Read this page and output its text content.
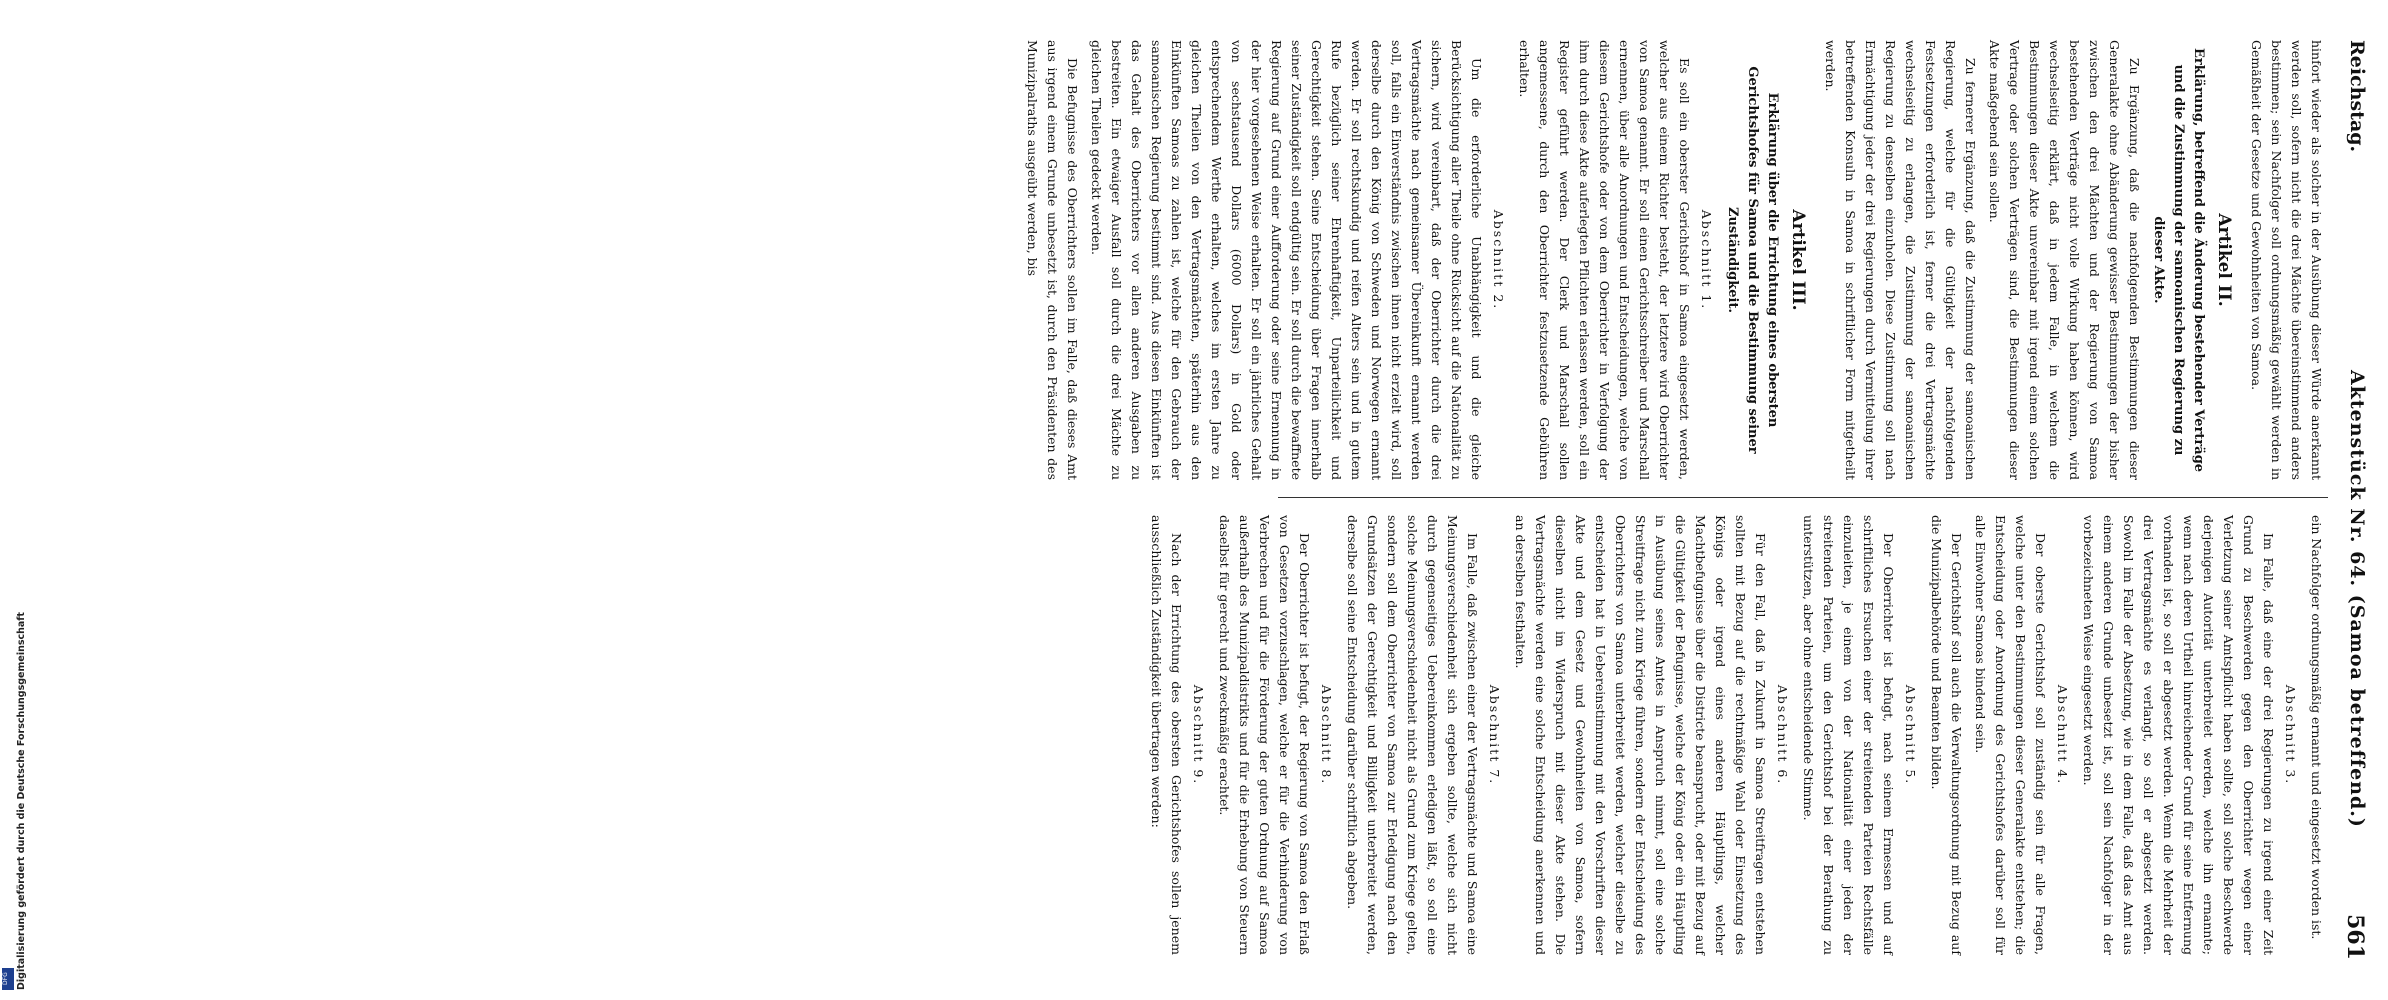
DFG Digitalisierung gefördert durch die Deutsche Forschungsgemeinschaft
Reichstag.
Aktenstück Nr. 64. (Samoa betreffend.)
561

hinfort wieder als solcher in der Ausübung dieser Würde anerkannt werden soll, sofern nicht die drei Mächte übereinstimmend anders bestimmen; sein Nachfolger soll ordnungsmäßig gewählt werden in Gemäßheit der Gesetze und Gewohnheiten von Samoa.

Artikel II.
Erklärung, betreffend die Änderung bestehender Verträge und die Zustimmung der samoanischen Regierung zu dieser Akte.

Zu Ergänzung, daß die nachfolgenden Bestimmungen dieser Generalakte ohne Abänderung gewisser Bestimmungen der bisher zwischen den drei Mächten und der Regierung von Samoa bestehenden Verträge nicht volle Wirkung haben können, wird wechselseitig erklärt, daß in jedem Falle, in welchem die Bestimmungen dieser Akte unvereinbar mit irgend einem solchen Vertrage oder solchen Verträgen sind, die Bestimmungen dieser Akte maßgebend sein sollen.

Zu fernerer Ergänzung, daß die Zustimmung der samoanischen Regierung, welche für die Gültigkeit der nachfolgenden Festsetzungen erforderlich ist, ferner die drei Vertragsmächte wechselseitig zu erlangen, die Zustimmung der samoanischen Regierung zu denselben einzuholen. Diese Zustimmung soll nach Ermächtigung jeder der drei Regierungen durch Vermittelung ihrer betreffenden Konsuln in Samoa in schriftlicher Form mitgetheilt werden.

Artikel III.
Erklärung über die Errichtung eines obersten Gerichtshofes für Samoa und die Bestimmung seiner Zuständigkeit.
Abschnitt 1.

Es soll ein oberster Gerichtshof in Samoa eingesetzt werden, welcher aus einem Richter besteht, der letztere wird Oberrichter von Samoa genannt. Er soll einen Gerichtsschreiber und Marschall ernennen, über alle Anordnungen und Entscheidungen, welche von diesem Gerichtshofe oder von dem Oberrichter in Verfolgung der ihm durch diese Akte auferlegten Pflichten erlassen werden, soll ein Register geführt werden. Der Clerk und Marschall sollen angemessene, durch den Oberrichter festzusetzende Gebühren erhalten.

Abschnitt 2.

Um die erforderliche Unabhängigkeit und die gleiche Berücksichtigung aller Theile ohne Rücksicht auf die Nationalität zu sichern, wird vereinbart, daß der Oberrichter durch die drei Vertragsmächte nach gemeinsamer Übereinkunft ernannt werden soll, falls ein Einverständnis zwischen ihnen nicht erzielt wird, soll derselbe durch den König von Schweden und Norwegen ernannt werden. Er soll rechtskundig und reifen Alters sein und in gutem Rufe bezüglich seiner Ehrenhaftigkeit, Unparteilichkeit und Gerechtigkeit stehen. Seine Entscheidung über Fragen innerhalb seiner Zuständigkeit soll endgültig sein. Er soll durch die bewaffnete Regierung auf Grund einer Aufforderung oder seine Ernennung in der hier vorgesehenen Weise erhalten. Er soll ein jährliches Gehalt von sechstausend Dollars (6000 Dollars) in Gold oder entsprechendem Werthe erhalten, welches im ersten Jahre zu gleichen Theilen von den Vertragsmächten, späterhin aus den Einkünften Samoas zu zahlen ist, welche für den Gebrauch der samoanischen Regierung bestimmt sind. Aus diesen Einkünften ist das Gehalt des Oberrichters vor allen anderen Ausgaben zu bestreiten. Ein etwaiger Ausfall soll durch die drei Mächte zu gleichen Theilen gedeckt werden.

Die Befugnisse des Oberrichters sollen im Falle, daß dieses Amt aus irgend einem Grunde unbesetzt ist, durch den Präsidenten des Munizipalraths ausgeübt werden, bis

ein Nachfolger ordnungsmäßig ernannt und eingesetzt worden ist.

Abschnitt 3.

Im Falle, daß eine der drei Regierungen zu irgend einer Zeit Grund zu Beschwerden gegen den Oberrichter wegen einer Verletzung seiner Amtspflicht haben sollte, soll solche Beschwerde derjenigen Autorität unterbreitet werden, welche ihn ernannte; wenn nach deren Urtheil hinreichender Grund für seine Entfernung vorhanden ist, so soll er abgesetzt werden. Wenn die Mehrheit der drei Vertragsmächte es verlangt, so soll er abgesetzt werden. Sowohl im Falle der Absetzung, wie in dem Falle, daß das Amt aus einem anderen Grunde unbesetzt ist, soll sein Nachfolger in der vorbezeichneten Weise eingesetzt werden.

Abschnitt 4.

Der oberste Gerichtshof soll zuständig sein für alle Fragen, welche unter den Bestimmungen dieser Generalakte entstehen; die Entscheidung oder Anordnung des Gerichtshofes darüber soll für alle Einwohner Samoas bindend sein.

Der Gerichtshof soll auch die Verwaltungsordnung mit Bezug auf die Munizipalbehörde und Beamten bilden.

Abschnitt 5.

Der Oberrichter ist befugt, nach seinem Ermessen und auf schriftliches Ersuchen einer der streitenden Parteien Rechtsfälle einzuleiten, je einem von der Nationalität einer jeden der streitenden Parteien, um den Gerichtshof bei der Berathung zu unterstützen, aber ohne entscheidende Stimme.

Abschnitt 6.

Für den Fall, daß in Zukunft in Samoa Streitfragen entstehen sollten mit Bezug auf die rechtmäßige Wahl oder Einsetzung des Königs oder irgend eines anderen Häuptlings, welcher Machtbefugnisse über die Districte beansprucht, oder mit Bezug auf die Gültigkeit der Befugnisse, welche der König oder ein Häuptling in Ausübung seines Amtes in Anspruch nimmt, soll eine solche Streitfrage nicht zum Kriege führen, sondern der Entscheidung des Oberrichters von Samoa unterbreitet werden, welcher dieselbe zu entscheiden hat in Uebereinstimmung mit den Vorschriften dieser Akte und dem Gesetz und Gewohnheiten von Samoa, sofern dieselben nicht im Widerspruch mit dieser Akte stehen. Die Vertragsmächte werden eine solche Entscheidung anerkennen und an derselben festhalten.

Abschnitt 7.

Im Falle, daß zwischen einer der Vertragsmächte und Samoa eine Meinungsverschiedenheit sich ergeben sollte, welche sich nicht durch gegenseitiges Uebereinkommen erledigen läßt, so soll eine solche Meinungsverschiedenheit nicht als Grund zum Kriege gelten, sondern soll dem Oberrichter von Samoa zur Erledigung nach den Grundsätzen der Gerechtigkeit und Billigkeit unterbreitet werden, derselbe soll seine Entscheidung darüber schriftlich abgeben.

Abschnitt 8.

Der Oberrichter ist befugt, der Regierung von Samoa den Erlaß von Gesetzen vorzuschlagen, welche er für die Verhinderung von Verbrechen und für die Förderung der guten Ordnung auf Samoa außerhalb des Munizipaldistrikts und für die Erhebung von Steuern daselbst für gerecht und zweckmäßig erachtet.

Abschnitt 9.

Nach der Errichtung des obersten Gerichtshofes sollen jenem ausschließlich Zuständigkeit übertragen werden:
